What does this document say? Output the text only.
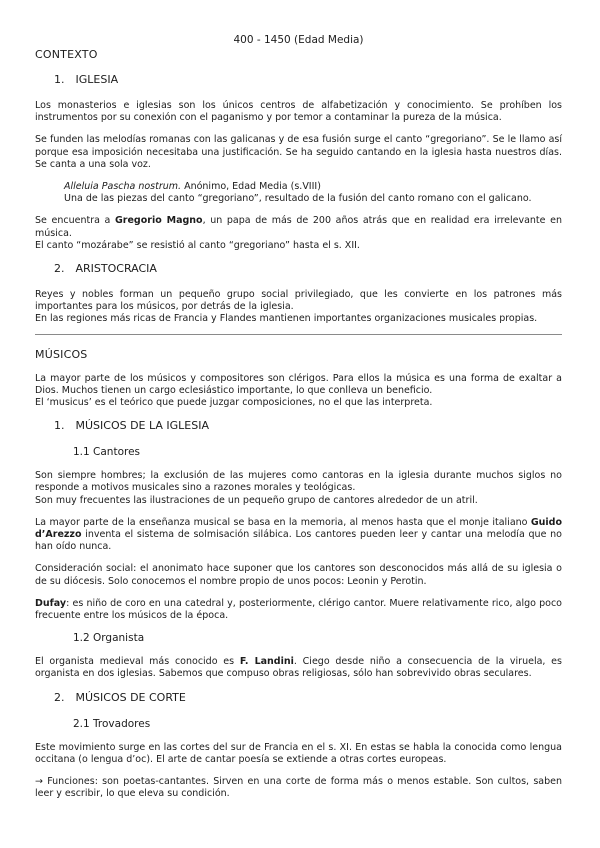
400 - 1450 (Edad Media)
CONTEXTO
1. IGLESIA

Los monasterios e iglesias son los únicos centros de alfabetización y conocimiento. Se prohíben los instrumentos por su conexión con el paganismo y por temor a contaminar la pureza de la música.

Se funden las melodías romanas con las galicanas y de esa fusión surge el canto “gregoriano”. Se le llamo así porque esa imposición necesitaba una justificación. Se ha seguido cantando en la iglesia hasta nuestros días. Se canta a una sola voz.

Alleluia Pascha nostrum. Anónimo, Edad Media (s.VIII)
Una de las piezas del canto “gregoriano”, resultado de la fusión del canto romano con el galicano.

Se encuentra a Gregorio Magno, un papa de más de 200 años atrás que en realidad era irrelevante en música.
El canto “mozárabe” se resistió al canto “gregoriano” hasta el s. XII.

2. ARISTOCRACIA

Reyes y nobles forman un pequeño grupo social privilegiado, que les convierte en los patrones más importantes para los músicos, por detrás de la iglesia.

En las regiones más ricas de Francia y Flandes mantienen importantes organizaciones musicales propias.

MÚSICOS

La mayor parte de los músicos y compositores son clérigos. Para ellos la música es una forma de exaltar a Dios. Muchos tienen un cargo eclesiástico importante, lo que conlleva un beneficio.

El ‘musicus’ es el teórico que puede juzgar composiciones, no el que las interpreta.

1. MÚSICOS DE LA IGLESIA
1.1 Cantores

Son siempre hombres; la exclusión de las mujeres como cantoras en la iglesia durante muchos siglos no responde a motivos musicales sino a razones morales y teológicas.

Son muy frecuentes las ilustraciones de un pequeño grupo de cantores alrededor de un atril.

La mayor parte de la enseñanza musical se basa en la memoria, al menos hasta que el monje italiano Guido d’Arezzo inventa el sistema de solmisación silábica. Los cantores pueden leer y cantar una melodía que no han oído nunca.

Consideración social: el anonimato hace suponer que los cantores son desconocidos más allá de su iglesia o de su diócesis. Solo conocemos el nombre propio de unos pocos: Leonin y Perotin.

Dufay: es niño de coro en una catedral y, posteriormente, clérigo cantor. Muere relativamente rico, algo poco frecuente entre los músicos de la época.

1.2 Organista

El organista medieval más conocido es F. Landini. Ciego desde niño a consecuencia de la viruela, es organista en dos iglesias. Sabemos que compuso obras religiosas, sólo han sobrevivido obras seculares.

2. MÚSICOS DE CORTE
2.1 Trovadores

Este movimiento surge en las cortes del sur de Francia en el s. XI. En estas se habla la conocida como lengua occitana (o lengua d’oc). El arte de cantar poesía se extiende a otras cortes europeas.

→ Funciones: son poetas-cantantes. Sirven en una corte de forma más o menos estable. Son cultos, saben leer y escribir, lo que eleva su condición.
